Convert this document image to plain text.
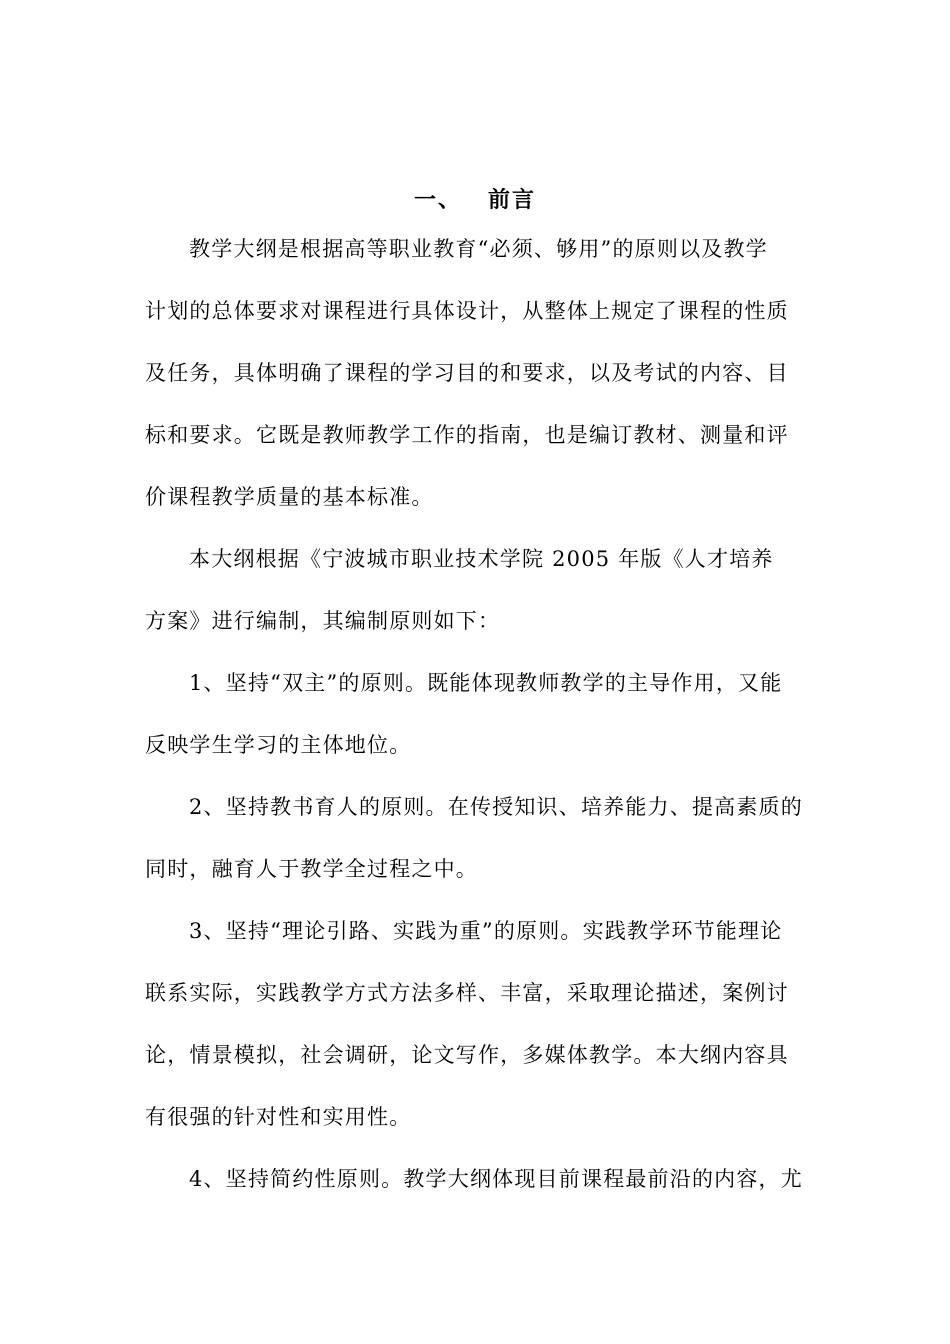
一、 前言
教学大纲是根据高等职业教育“必须、够用”的原则以及教学
计划的总体要求对课程进行具体设计，从整体上规定了课程的性质
及任务，具体明确了课程的学习目的和要求，以及考试的内容、目
标和要求。它既是教师教学工作的指南，也是编订教材、测量和评
价课程教学质量的基本标准。
本大纲根据《宁波城市职业技术学院 2005 年版《人才培养
方案》进行编制，其编制原则如下：
1、坚持“双主”的原则。既能体现教师教学的主导作用，又能
反映学生学习的主体地位。
2、坚持教书育人的原则。在传授知识、培养能力、提高素质的
同时，融育人于教学全过程之中。
3、坚持“理论引路、实践为重”的原则。实践教学环节能理论
联系实际，实践教学方式方法多样、丰富，采取理论描述，案例讨
论，情景模拟，社会调研，论文写作，多媒体教学。本大纲内容具
有很强的针对性和实用性。
4、坚持简约性原则。教学大纲体现目前课程最前沿的内容，尤
